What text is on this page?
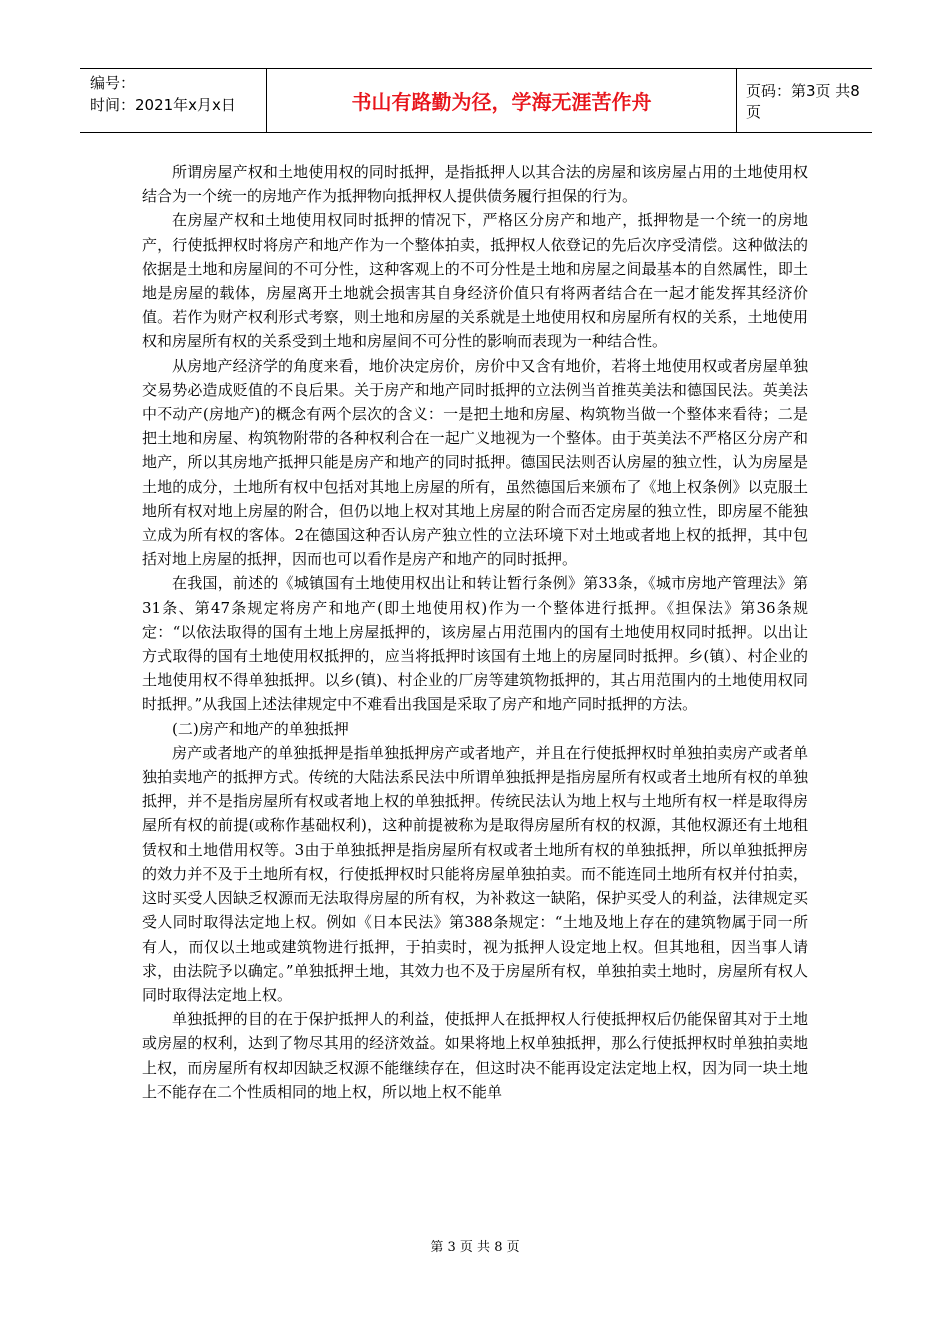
编号：
时间：2021年x月x日	书山有路勤为径，学海无涯苦作舟	页码：第3页 共8页

所谓房屋产权和土地使用权的同时抵押，是指抵押人以其合法的房屋和该房屋占用的土地使用权结合为一个统一的房地产作为抵押物向抵押权人提供债务履行担保的行为。

在房屋产权和土地使用权同时抵押的情况下，严格区分房产和地产，抵押物是一个统一的房地产，行使抵押权时将房产和地产作为一个整体拍卖，抵押权人依登记的先后次序受清偿。这种做法的依据是土地和房屋间的不可分性，这种客观上的不可分性是土地和房屋之间最基本的自然属性，即土地是房屋的载体，房屋离开土地就会损害其自身经济价值只有将两者结合在一起才能发挥其经济价值。若作为财产权利形式考察，则土地和房屋的关系就是土地使用权和房屋所有权的关系，土地使用权和房屋所有权的关系受到土地和房屋间不可分性的影响而表现为一种结合性。

从房地产经济学的角度来看，地价决定房价，房价中又含有地价，若将土地使用权或者房屋单独交易势必造成贬值的不良后果。关于房产和地产同时抵押的立法例当首推英美法和德国民法。英美法中不动产(房地产)的概念有两个层次的含义：一是把土地和房屋、构筑物当做一个整体来看待；二是把土地和房屋、构筑物附带的各种权利合在一起广义地视为一个整体。由于英美法不严格区分房产和地产，所以其房地产抵押只能是房产和地产的同时抵押。德国民法则否认房屋的独立性，认为房屋是土地的成分，土地所有权中包括对其地上房屋的所有，虽然德国后来颁布了《地上权条例》以克服土地所有权对地上房屋的附合，但仍以地上权对其地上房屋的附合而否定房屋的独立性，即房屋不能独立成为所有权的客体。2在德国这种否认房产独立性的立法环境下对土地或者地上权的抵押，其中包括对地上房屋的抵押，因而也可以看作是房产和地产的同时抵押。

在我国，前述的《城镇国有土地使用权出让和转让暂行条例》第33条，《城市房地产管理法》第31条、第47条规定将房产和地产(即土地使用权)作为一个整体进行抵押。《担保法》第36条规定：“以依法取得的国有土地上房屋抵押的，该房屋占用范围内的国有土地使用权同时抵押。以出让方式取得的国有土地使用权抵押的，应当将抵押时该国有土地上的房屋同时抵押。乡(镇）、村企业的土地使用权不得单独抵押。以乡(镇)、村企业的厂房等建筑物抵押的，其占用范围内的土地使用权同时抵押。”从我国上述法律规定中不难看出我国是采取了房产和地产同时抵押的方法。

(二)房产和地产的单独抵押

房产或者地产的单独抵押是指单独抵押房产或者地产，并且在行使抵押权时单独拍卖房产或者单独拍卖地产的抵押方式。传统的大陆法系民法中所谓单独抵押是指房屋所有权或者土地所有权的单独抵押，并不是指房屋所有权或者地上权的单独抵押。传统民法认为地上权与土地所有权一样是取得房屋所有权的前提(或称作基础权利)，这种前提被称为是取得房屋所有权的权源，其他权源还有土地租赁权和土地借用权等。3由于单独抵押是指房屋所有权或者土地所有权的单独抵押，所以单独抵押房的效力并不及于土地所有权，行使抵押权时只能将房屋单独拍卖。而不能连同土地所有权并付拍卖，这时买受人因缺乏权源而无法取得房屋的所有权，为补救这一缺陷，保护买受人的利益，法律规定买受人同时取得法定地上权。例如《日本民法》第388条规定：“土地及地上存在的建筑物属于同一所有人，而仅以土地或建筑物进行抵押，于拍卖时，视为抵押人设定地上权。但其地租，因当事人请求，由法院予以确定。”单独抵押土地，其效力也不及于房屋所有权，单独拍卖土地时，房屋所有权人同时取得法定地上权。

单独抵押的目的在于保护抵押人的利益，使抵押人在抵押权人行使抵押权后仍能保留其对于土地或房屋的权利，达到了物尽其用的经济效益。如果将地上权单独抵押，那么行使抵押权时单独拍卖地上权，而房屋所有权却因缺乏权源不能继续存在，但这时决不能再设定法定地上权，因为同一块土地上不能存在二个性质相同的地上权，所以地上权不能单

第 3 页 共 8 页
